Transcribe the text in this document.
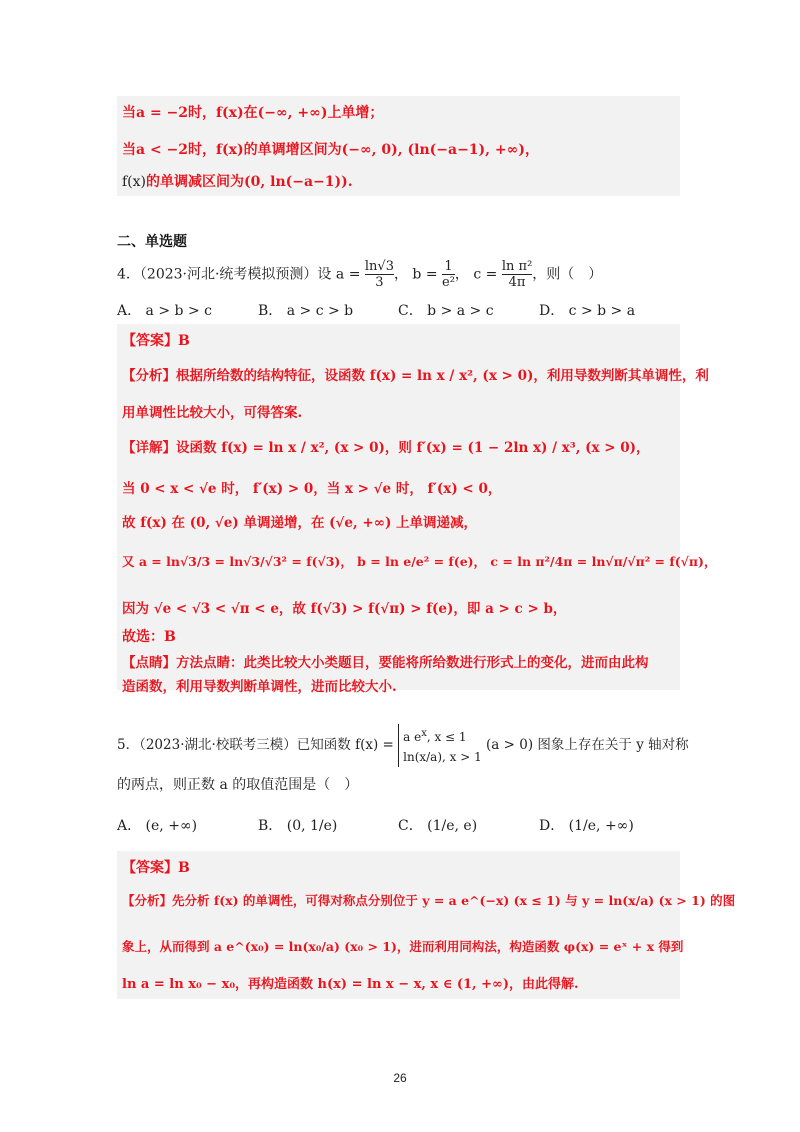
当a = −2时，f(x)在(−∞, +∞)上单增；
当a < −2时，f(x)的单调增区间为(−∞, 0), (ln(−a−1), +∞)，
f(x)的单调减区间为(0, ln(−a−1)).
二、单选题
4．（2023·河北·统考模拟预测）设 $a = \frac{\ln√3}{3}$ ， $b = \frac{1}{\text{e²}}$ ， $c = \frac{\text{ln π²}}{4\pi}$ ，则（　）
A． a > b > c	B． a > c > b	C． b > a > c	D． c > b > a
【答案】B
【分析】根据所给数的结构特征，设函数 f(x) = ln x / x², (x > 0)，利用导数判断其单调性，利
用单调性比较大小，可得答案.
【详解】设函数 f(x) = ln x / x², (x > 0)，则 f′(x) = (1 − 2ln x) / x³, (x > 0)，
当 0 < x < √e 时， f′(x) > 0，当 x > √e 时， f′(x) < 0，
故 f(x) 在 (0, √e) 单调递增，在 (√e, +∞) 上单调递减，
又 a = ln√3/3 = ln√3/√3² = f(√3)， b = ln e/e² = f(e)， c = ln π²/4π = ln√π/√π² = f(√π)，
因为 √e < √3 < √π < e，故 f(√3) > f(√π) > f(e)，即 a > c > b，
故选：B
【点睛】方法点睛：此类比较大小类题目，要能将所给数进行形式上的变化，进而由此构
造函数，利用导数判断单调性，进而比较大小.
5．（2023·湖北·校联考三模）已知函数 f(x) = a $e^x$, x ≤ 1
ln(x/a), x > 1
(a > 0) 图象上存在关于 y 轴对称
的两点，则正数 a 的取值范围是（　）
A． (e, +∞)	B． (0, 1/e)	C． (1/e, e)	D． (1/e, +∞)
【答案】B
【分析】先分析 f(x) 的单调性，可得对称点分别位于 y = a e^(−x) (x ≤ 1) 与 y = ln(x/a) (x > 1) 的图
象上，从而得到 a e^(x₀) = ln(x₀/a) (x₀ > 1)，进而利用同构法，构造函数 φ(x) = eˣ + x 得到
ln a = ln x₀ − x₀，再构造函数 h(x) = ln x − x, x ∈ (1, +∞)，由此得解.
26
